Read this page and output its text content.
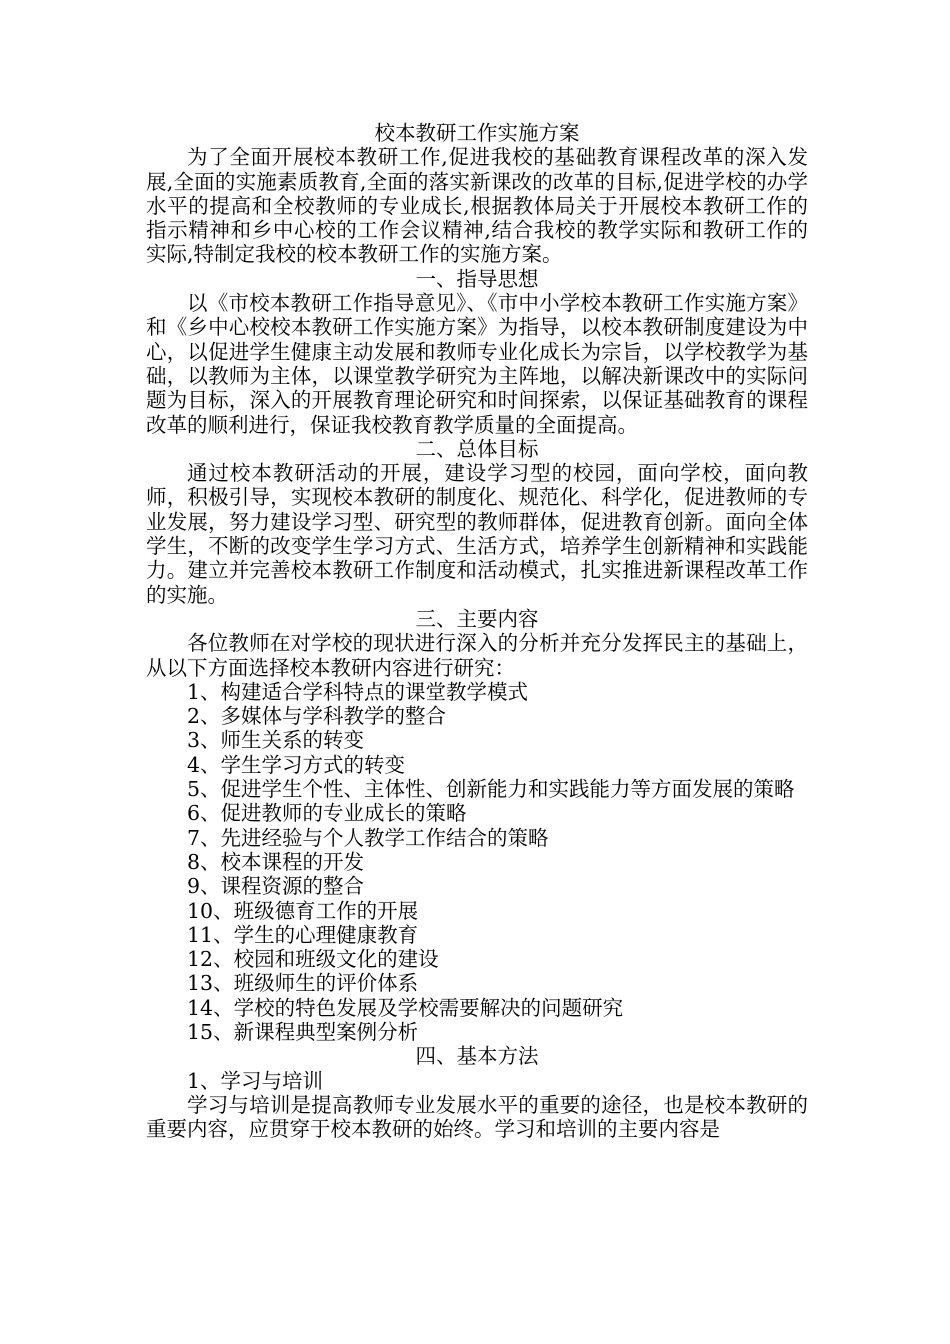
校本教研工作实施方案

为了全面开展校本教研工作,促进我校的基础教育课程改革的深入发展,全面的实施素质教育,全面的落实新课改的改革的目标,促进学校的办学水平的提高和全校教师的专业成长,根据教体局关于开展校本教研工作的指示精神和乡中心校的工作会议精神,结合我校的教学实际和教研工作的实际,特制定我校的校本教研工作的实施方案。

一、指导思想

以《市校本教研工作指导意见》、《市中小学校本教研工作实施方案》和《乡中心校校本教研工作实施方案》为指导，以校本教研制度建设为中心，以促进学生健康主动发展和教师专业化成长为宗旨，以学校教学为基础，以教师为主体，以课堂教学研究为主阵地，以解决新课改中的实际问题为目标，深入的开展教育理论研究和时间探索，以保证基础教育的课程改革的顺利进行，保证我校教育教学质量的全面提高。

二、总体目标

通过校本教研活动的开展，建设学习型的校园，面向学校，面向教师，积极引导，实现校本教研的制度化、规范化、科学化，促进教师的专业发展，努力建设学习型、研究型的教师群体，促进教育创新。面向全体学生，不断的改变学生学习方式、生活方式，培养学生创新精神和实践能力。建立并完善校本教研工作制度和活动模式，扎实推进新课程改革工作的实施。

三、主要内容

各位教师在对学校的现状进行深入的分析并充分发挥民主的基础上，从以下方面选择校本教研内容进行研究：

1、构建适合学科特点的课堂教学模式

2、多媒体与学科教学的整合

3、师生关系的转变

4、学生学习方式的转变

5、促进学生个性、主体性、创新能力和实践能力等方面发展的策略

6、促进教师的专业成长的策略

7、先进经验与个人教学工作结合的策略

8、校本课程的开发

9、课程资源的整合

10、班级德育工作的开展

11、学生的心理健康教育

12、校园和班级文化的建设

13、班级师生的评价体系

14、学校的特色发展及学校需要解决的问题研究

15、新课程典型案例分析

四、基本方法

1、学习与培训

学习与培训是提高教师专业发展水平的重要的途径，也是校本教研的重要内容，应贯穿于校本教研的始终。学习和培训的主要内容是
